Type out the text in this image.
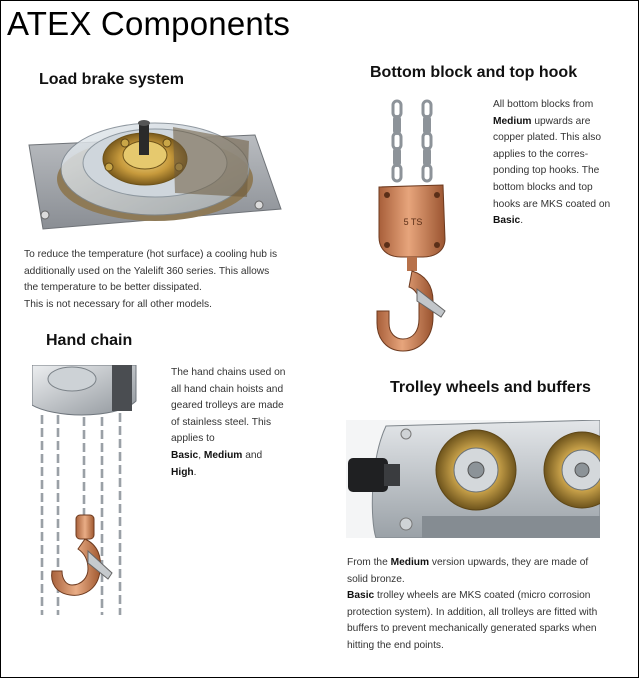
ATEX Components
Load brake system
To reduce the temperature (hot surface) a cooling hub is
additionally used on the Yalelift 360 series. This allows
the temperature to be better dissipated.
This is not necessary for all other models.
Bottom block and top hook
5 TS
All bottom blocks from
Medium upwards are
copper plated. This also
applies to the corres-
ponding top hooks. The
bottom blocks and top
hooks are MKS coated on
Basic.
Hand chain
The hand chains used on
all hand chain hoists and
geared trolleys are made
of stainless steel. This
applies to
Basic, Medium and
High.
Trolley wheels and buffers
From the Medium version upwards, they are made of
solid bronze.
Basic trolley wheels are MKS coated (micro corrosion
protection system). In addition, all trolleys are fitted with
buffers to prevent mechanically generated sparks when
hitting the end points.
